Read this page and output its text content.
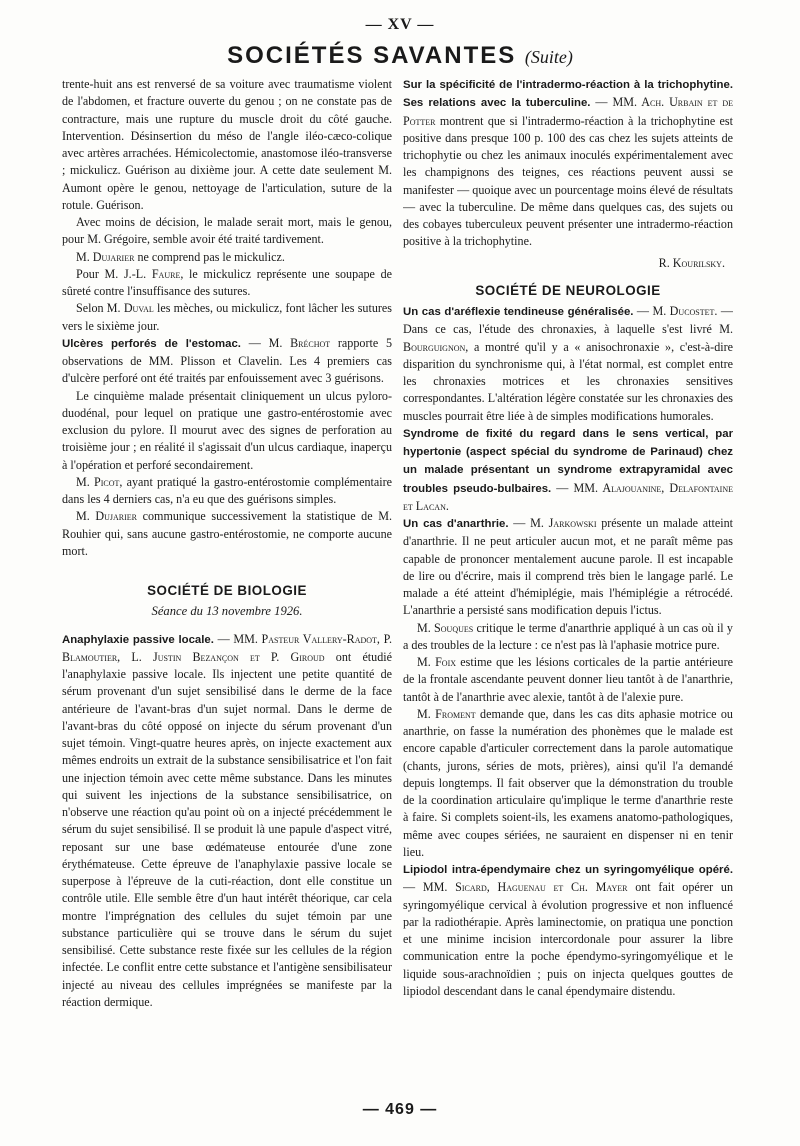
— XV —
SOCIÉTÉS SAVANTES (Suite)

trente-huit ans est renversé de sa voiture avec traumatisme violent de l'abdomen, et fracture ouverte du genou ; on ne constate pas de contracture, mais une rupture du muscle droit du côté gauche. Intervention. Désinsertion du méso de l'angle iléo-cæco-colique avec artères arrachées. Hémicolectomie, anastomose iléo-transverse ; mickulicz. Guérison au dixième jour. A cette date seulement M. Aumont opère le genou, nettoyage de l'articulation, suture de la rotule. Guérison.

Avec moins de décision, le malade serait mort, mais le genou, pour M. Grégoire, semble avoir été traité tardivement.

M. Dujarier ne comprend pas le mickulicz.

Pour M. J.-L. Faure, le mickulicz représente une soupape de sûreté contre l'insuffisance des sutures.

Selon M. Duval les mèches, ou mickulicz, font lâcher les sutures vers le sixième jour.

Ulcères perforés de l'estomac. — M. Bréchot rapporte 5 observations de MM. Plisson et Clavelin. Les 4 premiers cas d'ulcère perforé ont été traités par enfouissement avec 3 guérisons.

Le cinquième malade présentait cliniquement un ulcus pyloro-duodénal, pour lequel on pratique une gastro-entérostomie avec exclusion du pylore. Il mourut avec des signes de perforation au troisième jour ; en réalité il s'agissait d'un ulcus cardiaque, inaperçu à l'opération et perforé secondairement.

M. Picot, ayant pratiqué la gastro-entérostomie complémentaire dans les 4 derniers cas, n'a eu que des guérisons simples.

M. Dujarier communique successivement la statistique de M. Rouhier qui, sans aucune gastro-entérostomie, ne comporte aucune mort.

SOCIÉTÉ DE BIOLOGIE
Séance du 13 novembre 1926.

Anaphylaxie passive locale. — MM. Pasteur Vallery-Radot, P. Blamoutier, L. Justin Bezançon et P. Giroud ont étudié l'anaphylaxie passive locale. Ils injectent une petite quantité de sérum provenant d'un sujet sensibilisé dans le derme de la face antérieure de l'avant-bras d'un sujet normal. Dans le derme de l'avant-bras du côté opposé on injecte du sérum provenant d'un sujet témoin. Vingt-quatre heures après, on injecte exactement aux mêmes endroits un extrait de la substance sensibilisatrice et l'on fait une injection témoin avec cette même substance. Dans les minutes qui suivent les injections de la substance sensibilisatrice, on n'observe une réaction qu'au point où on a injecté précédemment le sérum du sujet sensibilisé. Il se produit là une papule d'aspect vitré, reposant sur une base œdémateuse entourée d'une zone érythémateuse. Cette épreuve de l'anaphylaxie passive locale se superpose à l'épreuve de la cuti-réaction, dont elle constitue un contrôle utile. Elle semble être d'un haut intérêt théorique, car cela montre l'imprégnation des cellules du sujet témoin par une substance particulière qui se trouve dans le sérum du sujet sensibilisé. Cette substance reste fixée sur les cellules de la région infectée. Le conflit entre cette substance et l'antigène sensibilisateur injecté au niveau des cellules imprégnées se manifeste par la réaction dermique.

Sur la spécificité de l'intradermo-réaction à la trichophytine. Ses relations avec la tuberculine. — MM. Ach. Urbain et de Potter montrent que si l'intradermo-réaction à la trichophytine est positive dans presque 100 p. 100 des cas chez les sujets atteints de trichophytie ou chez les animaux inoculés expérimentalement avec les champignons des teignes, ces réactions peuvent aussi se manifester — quoique avec un pourcentage moins élevé de résultats — avec la tuberculine. De même dans quelques cas, des sujets ou des cobayes tuberculeux peuvent présenter une intradermo-réaction positive à la trichophytine.

R. Kourilsky.

SOCIÉTÉ DE NEUROLOGIE

Un cas d'aréflexie tendineuse généralisée. — M. Ducostet. — Dans ce cas, l'étude des chronaxies, à laquelle s'est livré M. Bourguignon, a montré qu'il y a « anisochronaxie », c'est-à-dire disparition du synchronisme qui, à l'état normal, est complet entre les chronaxies motrices et les chronaxies sensitives correspondantes. L'altération légère constatée sur les chronaxies des muscles pourrait être liée à de simples modifications humorales.

Syndrome de fixité du regard dans le sens vertical, par hypertonie (aspect spécial du syndrome de Parinaud) chez un malade présentant un syndrome extrapyramidal avec troubles pseudo-bulbaires. — MM. Alajouanine, Delafontaine et Lacan.

Un cas d'anarthrie. — M. Jarkowski présente un malade atteint d'anarthrie. Il ne peut articuler aucun mot, et ne paraît même pas capable de prononcer mentalement aucune parole. Il est incapable de lire ou d'écrire, mais il comprend très bien le langage parlé. Le malade a été atteint d'hémiplégie, mais l'hémiplégie a rétrocédé. L'anarthrie a persisté sans modification depuis l'ictus.

M. Souques critique le terme d'anarthrie appliqué à un cas où il y a des troubles de la lecture : ce n'est pas là l'aphasie motrice pure.

M. Foix estime que les lésions corticales de la partie antérieure de la frontale ascendante peuvent donner lieu tantôt à de l'anarthrie, tantôt à de l'anarthrie avec alexie, tantôt à de l'alexie pure.

M. Froment demande que, dans les cas dits aphasie motrice ou anarthrie, on fasse la numération des phonèmes que le malade est encore capable d'articuler correctement dans la parole automatique (chants, jurons, séries de mots, prières), ainsi qu'il l'a demandé depuis longtemps. Il fait observer que la démonstration du trouble de la coordination articulaire qu'implique le terme d'anarthrie reste à faire. Si complets soient-ils, les examens anatomo-pathologiques, même avec coupes sériées, ne sauraient en dispenser ni en tenir lieu.

Lipiodol intra-épendymaire chez un syringomyélique opéré. — MM. Sicard, Haguenau et Ch. Mayer ont fait opérer un syringomyélique cervical à évolution progressive et non influencé par la radiothérapie. Après laminectomie, on pratiqua une ponction et une minime incision intercordonale pour assurer la libre communication entre la poche épendymo-syringomyélique et le liquide sous-arachnoïdien ; puis on injecta quelques gouttes de lipiodol descendant dans le canal épendymaire distendu.

— 469 —
